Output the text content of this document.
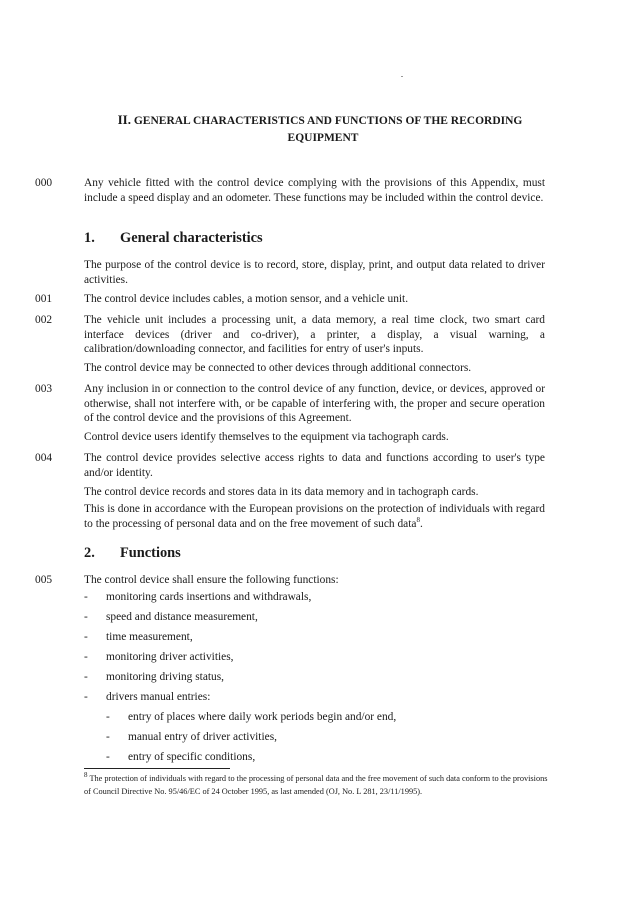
II. GENERAL CHARACTERISTICS AND FUNCTIONS OF THE RECORDING
EQUIPMENT
000	Any vehicle fitted with the control device complying with the provisions of this Appendix, must include a speed display and an odometer. These functions may be included within the control device.
1. General characteristics
The purpose of the control device is to record, store, display, print, and output data related to driver activities.
001	The control device includes cables, a motion sensor, and a vehicle unit.
002	The vehicle unit includes a processing unit, a data memory, a real time clock, two smart card interface devices (driver and co-driver), a printer, a display, a visual warning, a calibration/downloading connector, and facilities for entry of user's inputs.
The control device may be connected to other devices through additional connectors.
003	Any inclusion in or connection to the control device of any function, device, or devices, approved or otherwise, shall not interfere with, or be capable of interfering with, the proper and secure operation of the control device and the provisions of this Agreement.
Control device users identify themselves to the equipment via tachograph cards.
004	The control device provides selective access rights to data and functions according to user's type and/or identity.
The control device records and stores data in its data memory and in tachograph cards.
This is done in accordance with the European provisions on the protection of individuals with regard to the processing of personal data and on the free movement of such data$^8$.
2. Functions
005	The control device shall ensure the following functions:
- monitoring cards insertions and withdrawals,
- speed and distance measurement,
- time measurement,
- monitoring driver activities,
- monitoring driving status,
- drivers manual entries:
- entry of places where daily work periods begin and/or end,
- manual entry of driver activities,
- entry of specific conditions,
$^8$ The protection of individuals with regard to the processing of personal data and the free movement of such data conform to the provisions of Council Directive No. 95/46/EC of 24 October 1995, as last amended (OJ, No. L 281, 23/11/1995).
